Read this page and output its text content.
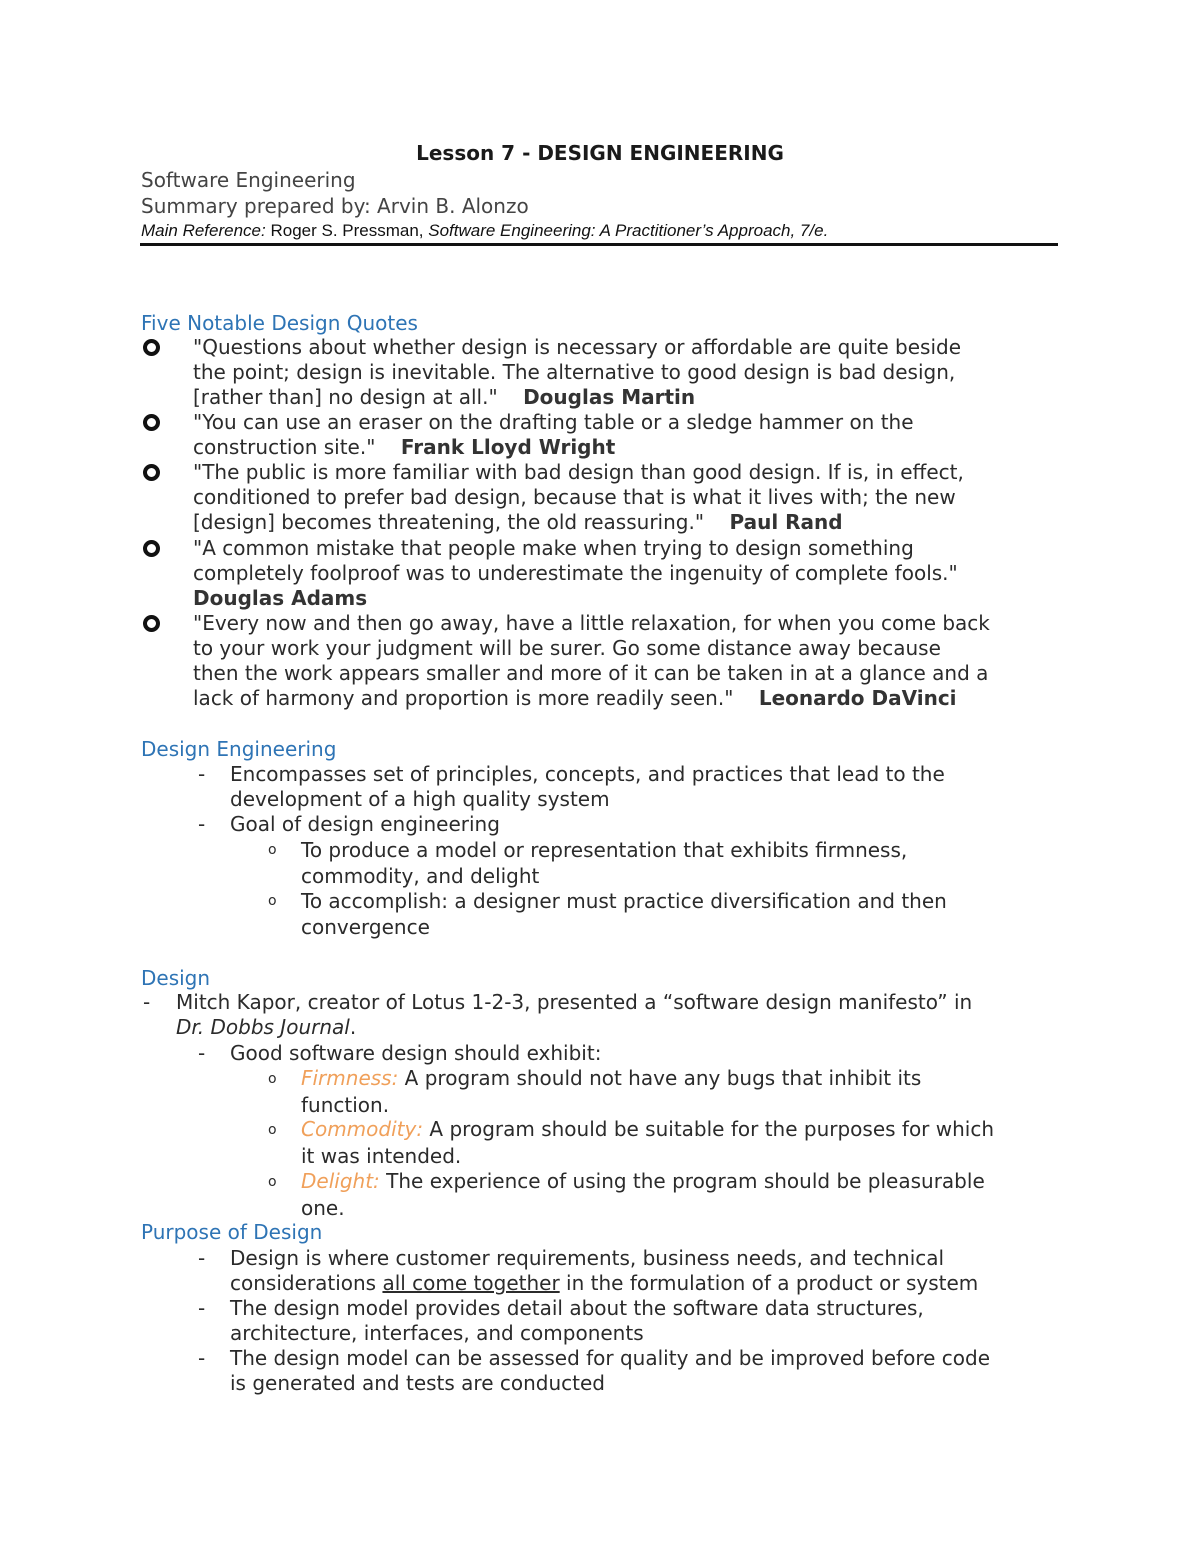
Lesson 7 - DESIGN ENGINEERING
Software Engineering
Summary prepared by: Arvin B. Alonzo
Main Reference: Roger S. Pressman, Software Engineering: A Practitioner’s Approach, 7/e.
Five Notable Design Quotes
"Questions about whether design is necessary or affordable are quite beside
the point; design is inevitable. The alternative to good design is bad design,
[rather than] no design at all."    Douglas Martin
"You can use an eraser on the drafting table or a sledge hammer on the
construction site."    Frank Lloyd Wright
"The public is more familiar with bad design than good design. If is, in effect,
conditioned to prefer bad design, because that is what it lives with; the new
[design] becomes threatening, the old reassuring."    Paul Rand
"A common mistake that people make when trying to design something
completely foolproof was to underestimate the ingenuity of complete fools."
Douglas Adams
"Every now and then go away, have a little relaxation, for when you come back
to your work your judgment will be surer. Go some distance away because
then the work appears smaller and more of it can be taken in at a glance and a
lack of harmony and proportion is more readily seen."    Leonardo DaVinci
Design Engineering
- Encompasses set of principles, concepts, and practices that lead to the
development of a high quality system
- Goal of design engineering
o To produce a model or representation that exhibits firmness,
commodity, and delight
o To accomplish: a designer must practice diversification and then
convergence
Design
- Mitch Kapor, creator of Lotus 1-2-3, presented a “software design manifesto” in
Dr. Dobbs Journal.
- Good software design should exhibit:
o Firmness: A program should not have any bugs that inhibit its
function.
o Commodity: A program should be suitable for the purposes for which
it was intended.
o Delight: The experience of using the program should be pleasurable
one.
Purpose of Design
- Design is where customer requirements, business needs, and technical
considerations all come together in the formulation of a product or system
- The design model provides detail about the software data structures,
architecture, interfaces, and components
- The design model can be assessed for quality and be improved before code
is generated and tests are conducted
